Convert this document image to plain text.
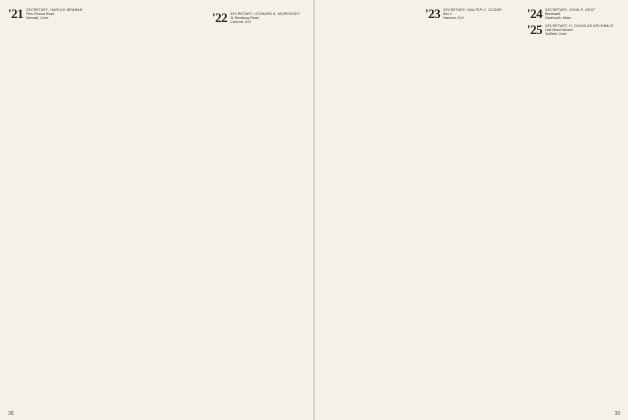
'21 SECRETARY, HAROLD BRAMAN
Pero Rumsa Road
Norwalk, Conn	'22 SECRETARY, LEONARD A. MORRISSEY
11 Brookway Road
Concord, N.H.

38

'23 SECRETARY, WALTER C. DODGE
Box 1
Hanover, N.H.	'24 SECRETARY, JOHN R. KENT
Brookside
Dartmouth, Mass.

'25 SECRETARY, H. DOUGLAS ARCHBALD
Oak Wood Mound
Suffield, Conn.

39
